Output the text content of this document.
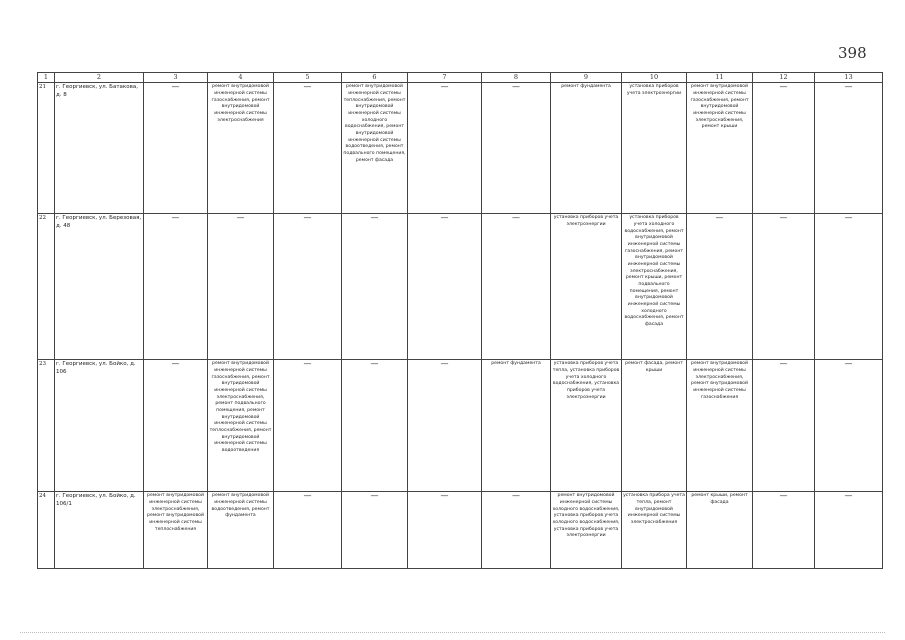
398
1	2	3	4	5	6	7	8	9	10	11	12	13
21	г. Георгиевск, ул. Батакова, д. 8	—	ремонт внутридомовой инженерной системы газоснабжения, ремонт внутридомовой инженерной системы электроснабжения	—	ремонт внутридомовой инженерной системы теплоснабжения, ремонт внутридомовой инженерной системы холодного водоснабжения, ремонт внутридомовой инженерной системы водоотведения, ремонт подвального помещения, ремонт фасада	—	—	ремонт фундамента	установка приборов учета электроэнергии	ремонт внутридомовой инженерной системы газоснабжения, ремонт внутридомовой инженерной системы электроснабжения, ремонт крыши	—	—

22	г. Георгиевск, ул. Березовая, д. 48	—	—	—	—	—	—	установка приборов учета электроэнергии	установка приборов учета холодного водоснабжения, ремонт внутридомовой инженерной системы газоснабжения, ремонт внутридомовой инженерной системы электроснабжения, ремонт крыши, ремонт подвального помещения, ремонт внутридомовой инженерной системы холодного водоснабжения, ремонт фасада	—	—	—

23	г. Георгиевск, ул. Бойко, д. 106	—	ремонт внутридомовой инженерной системы газоснабжения, ремонт внутридомовой инженерной системы электроснабжения, ремонт подвального помещения, ремонт внутридомовой инженерной системы теплоснабжения, ремонт внутридомовой инженерной системы водоотведения	—	—	—	ремонт фундамента	установка приборов учета тепла, установка приборов учета холодного водоснабжения, установка приборов учета электроэнергии	ремонт фасада, ремонт крыши	ремонт внутридомовой инженерной системы электроснабжения, ремонт внутридомовой инженерной системы газоснабжения	—	—

24	г. Георгиевск, ул. Бойко, д. 106/1	ремонт внутридомовой инженерной системы электроснабжения, ремонт внутридомовой инженерной системы теплоснабжения	ремонт внутридомовой инженерной системы водоотведения, ремонт фундамента	—	—	—	—	ремонт внутридомовой инженерной системы холодного водоснабжения, установка приборов учета холодного водоснабжения, установка приборов учета электроэнергии	установка прибора учета тепла, ремонт внутридомовой инженерной системы электроснабжения	ремонт крыши, ремонт фасада	—	—
